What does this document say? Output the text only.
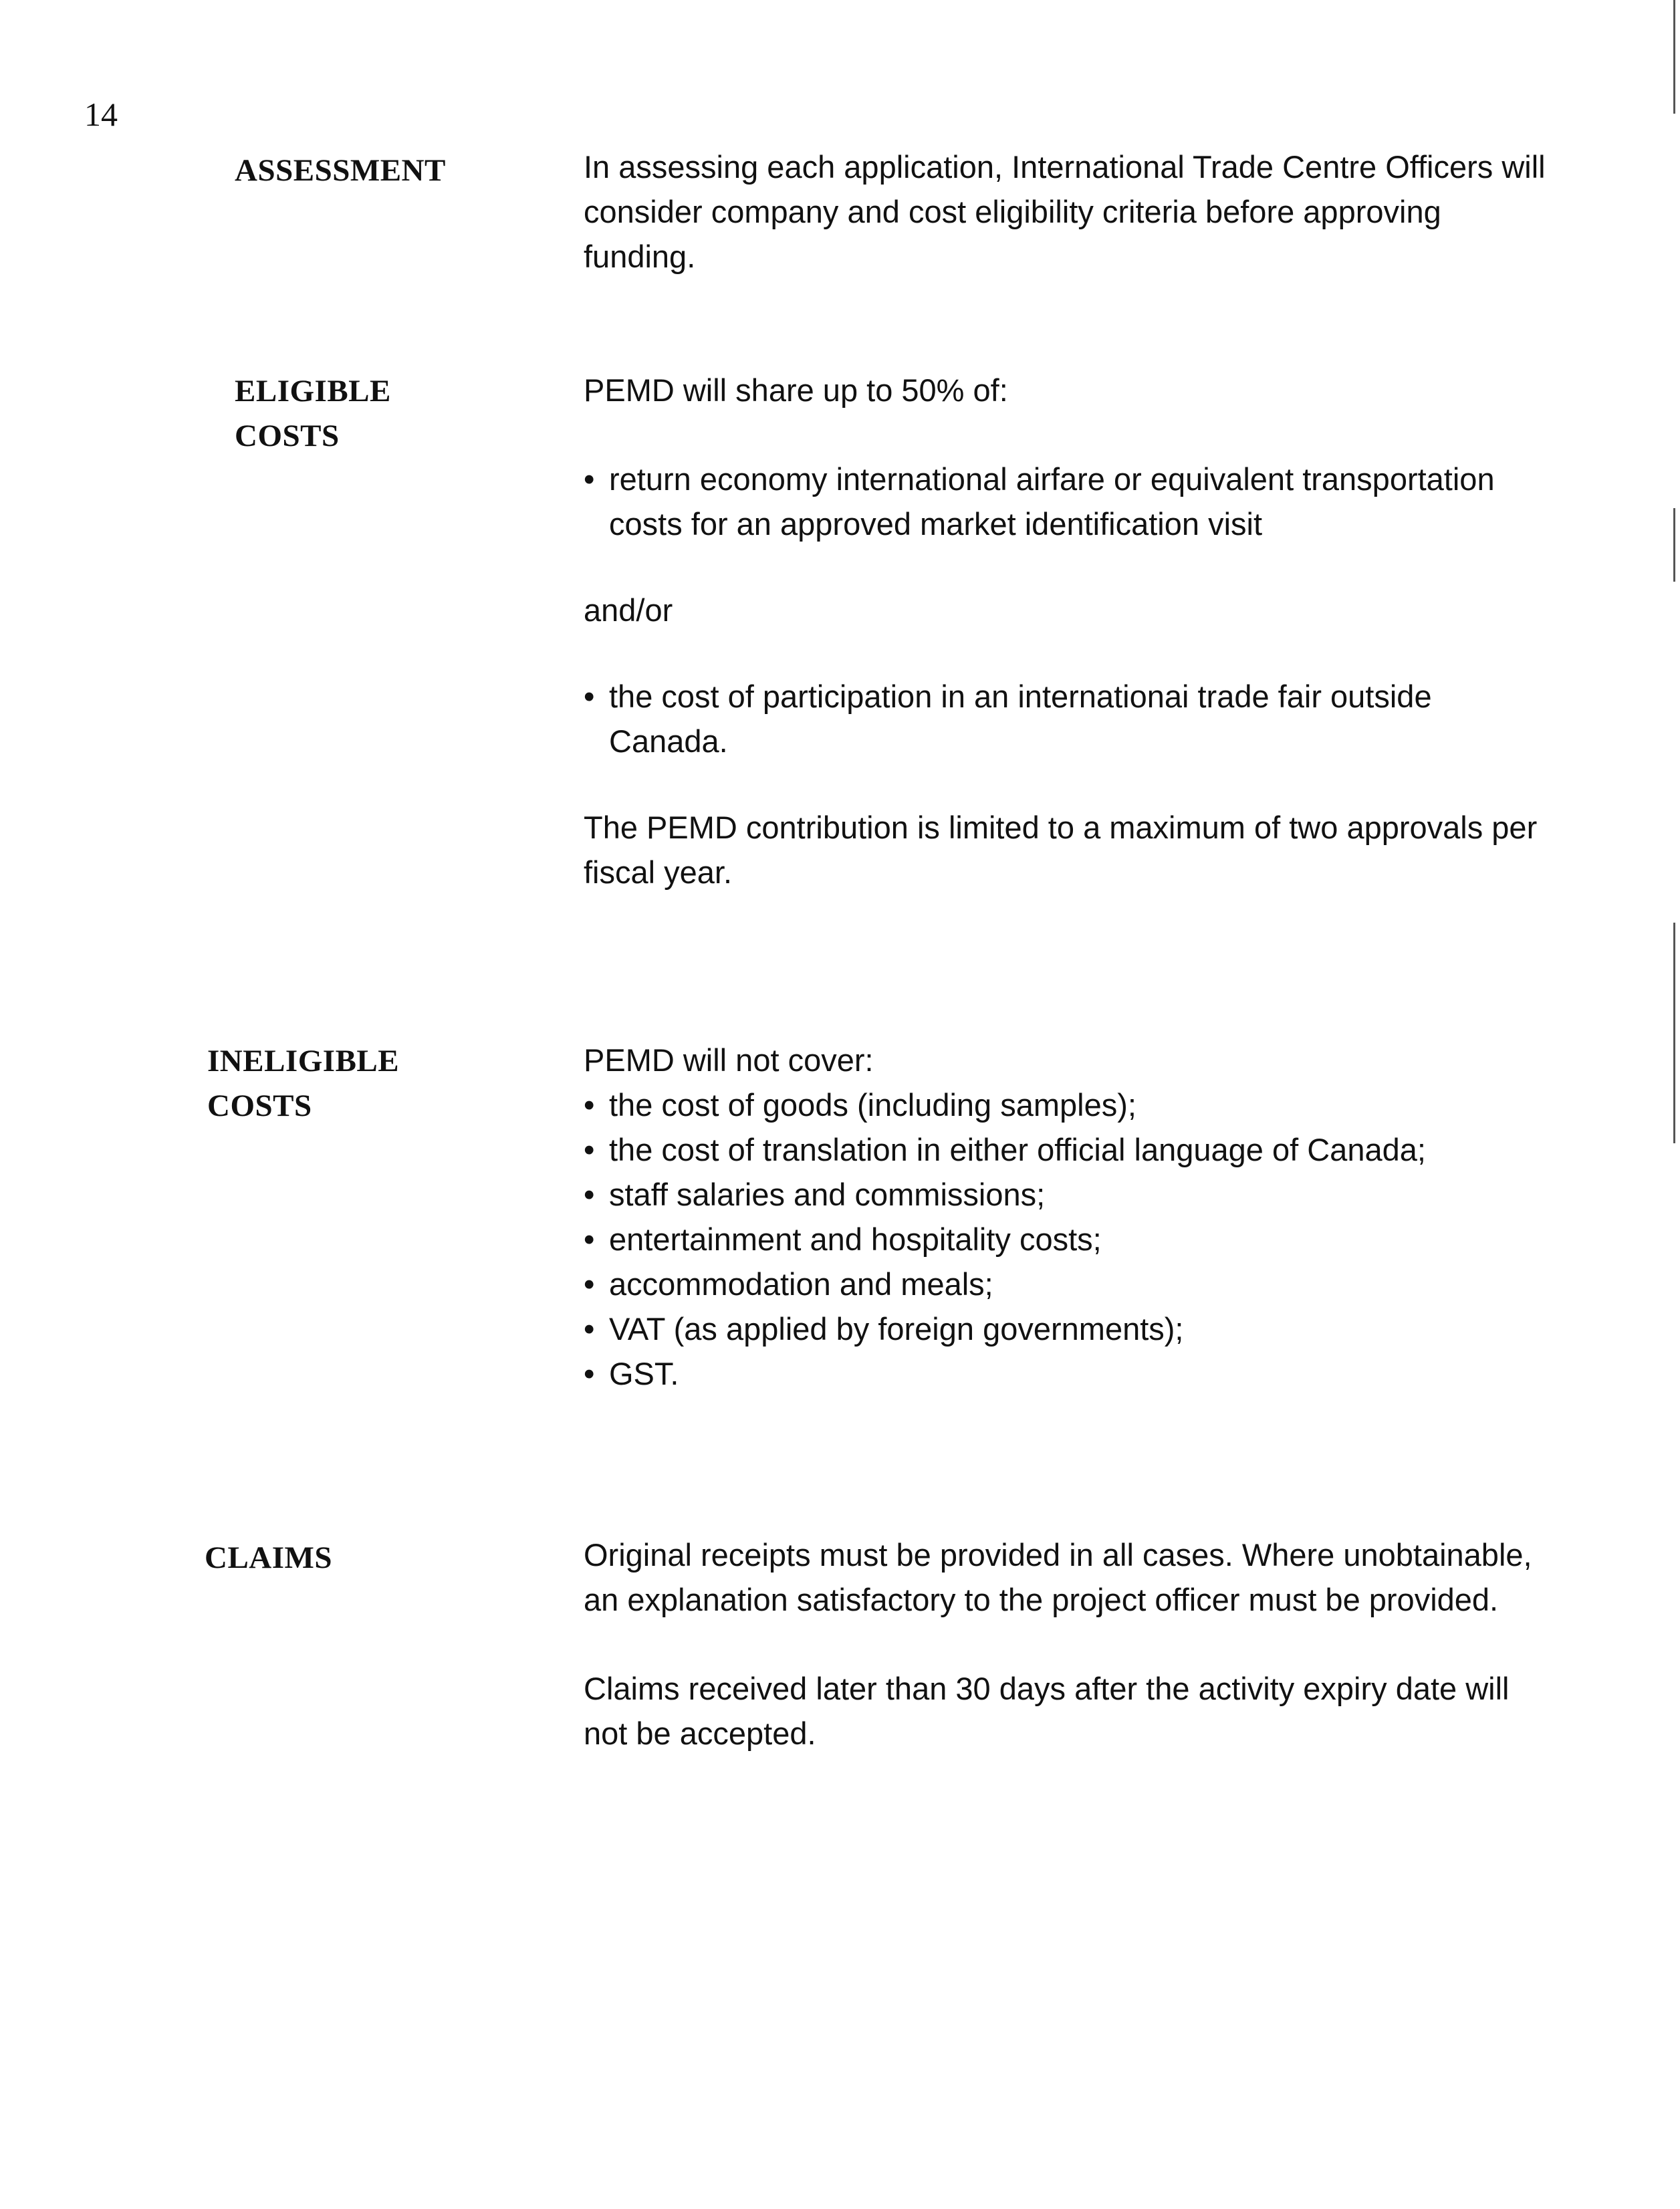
14
ASSESSMENT	In assessing each application, International Trade Centre Officers will consider company and cost eligibility criteria before approving funding.

ELIGIBLE
COSTS

PEMD will share up to 50% of:

• return economy international airfare or equivalent transportation costs for an approved market identification visit

and/or

• the cost of participation in an internationai trade fair outside Canada.

The PEMD contribution is limited to a maximum of two approvals per fiscal year.

INELIGIBLE
COSTS

PEMD will not cover:

• the cost of goods (including samples);
• the cost of translation in either official language of Canada;
• staff salaries and commissions;
• entertainment and hospitality costs;
• accommodation and meals;
• VAT (as applied by foreign governments);
• GST.
CLAIMS	Original receipts must be provided in all cases. Where unobtainable, an explanation satisfactory to the project officer must be provided.

Claims received later than 30 days after the activity expiry date will not be accepted.
